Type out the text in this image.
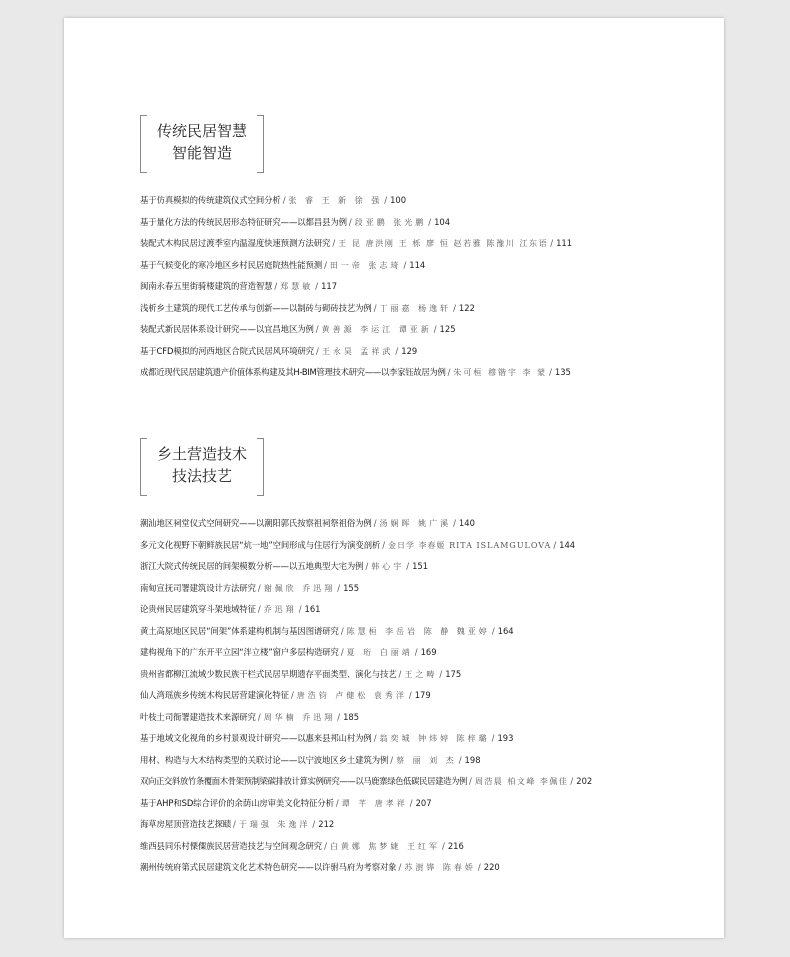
传统民居智慧
智能智造
基于仿真模拟的传统建筑仪式空间分析 / 张 睿 王 新 徐 强 / 100
基于量化方法的传统民居形态特征研究——以都昌县为例 / 段亚鹏 张光鹏 / 104
装配式木构民居过渡季室内温湿度快速预测方法研究 / 王 昆 唐洪刚 王 栎 廖 恒 赵若雅 陈豫川 江东语 / 111
基于气候变化的寒冷地区乡村民居庭院热性能预测 / 田一帝 张志琦 / 114
闽南永春五里街骑楼建筑的营造智慧 / 郑慧敏 / 117
浅析乡土建筑的现代工艺传承与创新——以制砖与砌砖技艺为例 / 丁丽嘉 杨逸轩 / 122
装配式新民居体系设计研究——以宜昌地区为例 / 黄善源 李运江 谭亚新 / 125
基于CFD模拟的河西地区合院式民居风环境研究 / 王永昊 孟祥武 / 129
成都近现代民居建筑遗产价值体系构建及其H-BIM管理技术研究——以李家钰故居为例 / 朱可桓 穆锴宇 李 蒙 / 135
乡土营造技术
技法技艺
潮汕地区祠堂仪式空间研究——以潮阳郭氏按察祖祠祭祖俗为例 / 汤娴晖 姚广溪 / 140
多元文化视野下朝鲜族民居“炕一地”空间形成与住居行为演变剖析 / 金日学 李春姬 RITA ISLAMGULOVA / 144
浙江大院式传统民居的间架模数分析——以五地典型大宅为例 / 韩心宇 / 151
南甸宣抚司署建筑设计方法研究 / 谢佩欣 乔迅翔 / 155
论贵州民居建筑穿斗架地域特征 / 乔迅翔 / 161
黄土高原地区民居“间架”体系建构机制与基因图谱研究 / 陈慧桓 李岳岩 陈 静 魏亚婷 / 164
建构视角下的广东开平立园“泮立楼”窗户多层构造研究 / 夏 珩 白丽靖 / 169
贵州省都柳江流域少数民族干栏式民居早期遗存平面类型、演化与技艺 / 王之畴 / 175
仙人湾瑶族乡传统木构民居营建演化特征 / 唐浩钧 卢健松 袁秀洋 / 179
叶枝土司衙署建造技术来源研究 / 周华楠 乔迅翔 / 185
基于地域文化视角的乡村景观设计研究——以惠来县邦山村为例 / 翁奕城 钟炜婷 陈梓璐 / 193
用材、构造与大木结构类型的关联讨论——以宁波地区乡土建筑为例 / 蔡 丽 刘 杰 / 198
双向正交斜放竹条覆面木骨架预制梁碳排放计算实例研究——以马鹿寨绿色低碳民居建造为例 / 周浩晨 柏文峰 李佩佳 / 202
基于AHP和SD综合评价的余荫山房审美文化特征分析 / 谭 芊 唐孝祥 / 207
海草房屋顶营造技艺探赜 / 于瑞强 朱逸洋 / 212
维西县同乐村傈僳族民居营造技艺与空间观念研究 / 白黄娜 焦梦婕 王红军 / 216
潮州传统府第式民居建筑文化艺术特色研究——以许驸马府为考察对象 / 苏澍铧 陈春娇 / 220
